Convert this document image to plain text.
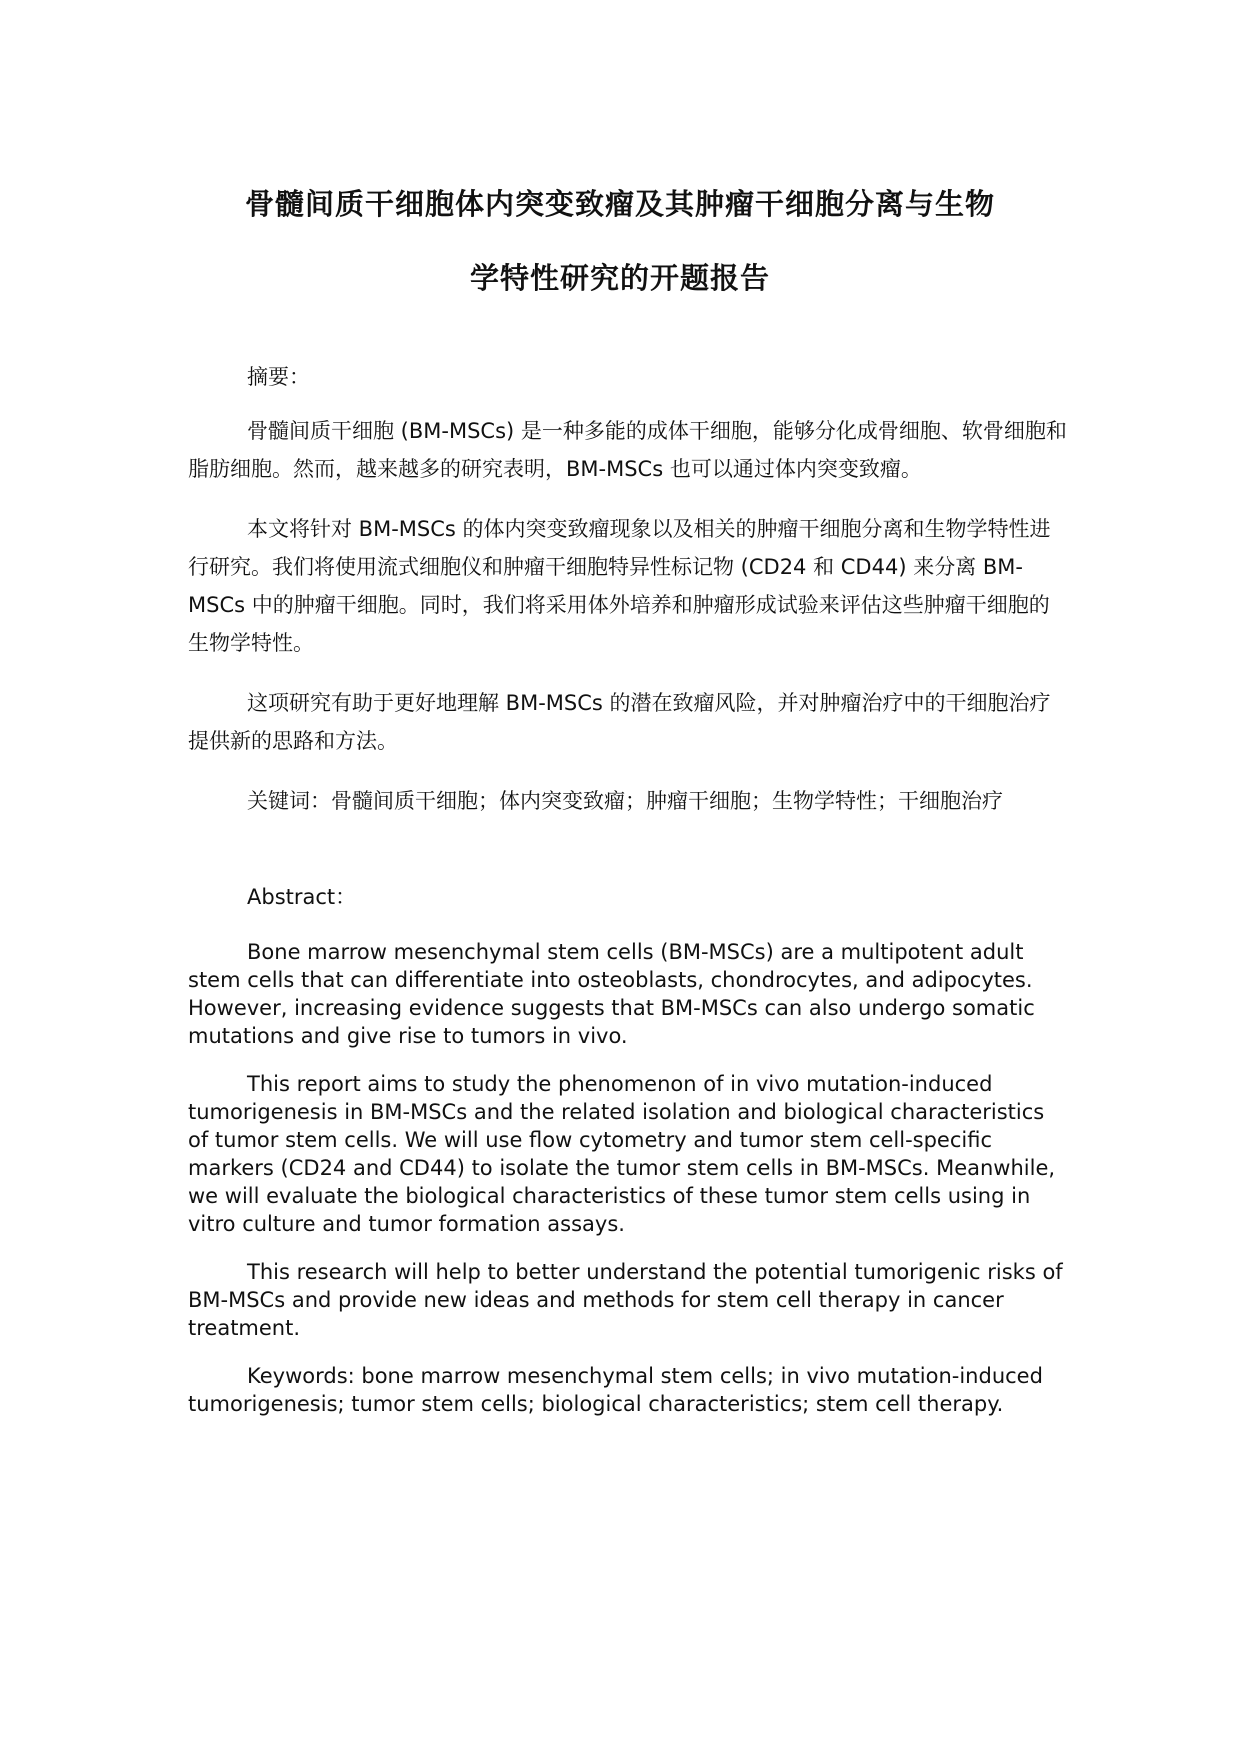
骨髓间质干细胞体内突变致瘤及其肿瘤干细胞分离与生物
学特性研究的开题报告

摘要：

骨髓间质干细胞 (BM-MSCs) 是一种多能的成体干细胞，能够分化成骨细胞、软骨细胞和脂肪细胞。然而，越来越多的研究表明，BM-MSCs 也可以通过体内突变致瘤。

本文将针对 BM-MSCs 的体内突变致瘤现象以及相关的肿瘤干细胞分离和生物学特性进行研究。我们将使用流式细胞仪和肿瘤干细胞特异性标记物 (CD24 和 CD44) 来分离 BM-MSCs 中的肿瘤干细胞。同时，我们将采用体外培养和肿瘤形成试验来评估这些肿瘤干细胞的生物学特性。

这项研究有助于更好地理解 BM-MSCs 的潜在致瘤风险，并对肿瘤治疗中的干细胞治疗提供新的思路和方法。

关键词：骨髓间质干细胞；体内突变致瘤；肿瘤干细胞；生物学特性；干细胞治疗

Abstract：

Bone marrow mesenchymal stem cells (BM-MSCs) are a multipotent adult stem cells that can differentiate into osteoblasts, chondrocytes, and adipocytes. However, increasing evidence suggests that BM-MSCs can also undergo somatic mutations and give rise to tumors in vivo.

This report aims to study the phenomenon of in vivo mutation-induced tumorigenesis in BM-MSCs and the related isolation and biological characteristics of tumor stem cells. We will use flow cytometry and tumor stem cell-specific markers (CD24 and CD44) to isolate the tumor stem cells in BM-MSCs. Meanwhile, we will evaluate the biological characteristics of these tumor stem cells using in vitro culture and tumor formation assays.

This research will help to better understand the potential tumorigenic risks of BM-MSCs and provide new ideas and methods for stem cell therapy in cancer treatment.

Keywords: bone marrow mesenchymal stem cells; in vivo mutation-induced tumorigenesis; tumor stem cells; biological characteristics; stem cell therapy.
